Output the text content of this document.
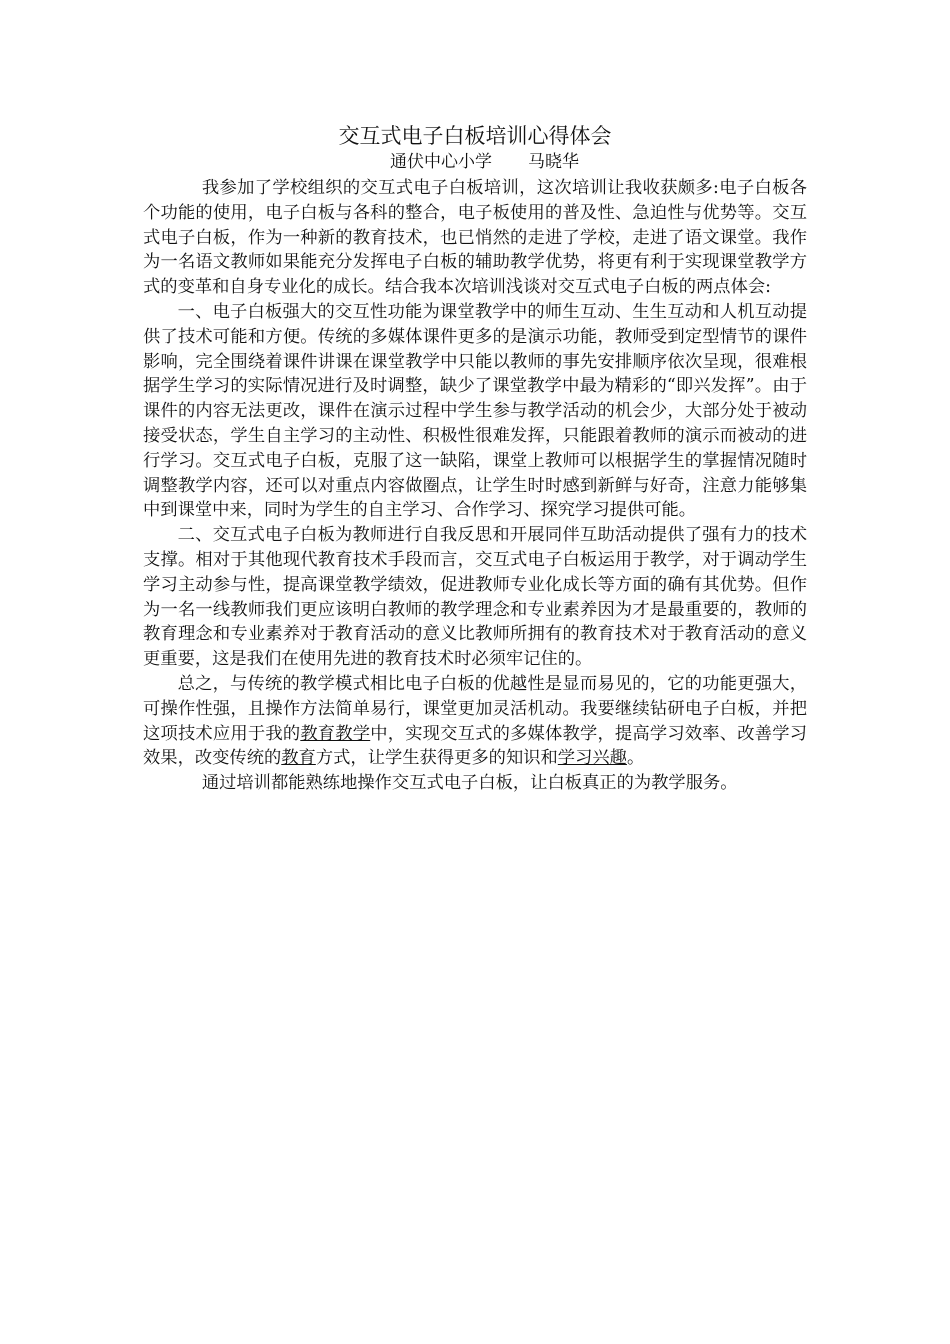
交互式电子白板培训心得体会
通伏中心小学 马晓华

我参加了学校组织的交互式电子白板培训，这次培训让我收获颇多:电子白板各个功能的使用，电子白板与各科的整合，电子板使用的普及性、急迫性与优势等。交互式电子白板，作为一种新的教育技术，也已悄然的走进了学校，走进了语文课堂。我作为一名语文教师如果能充分发挥电子白板的辅助教学优势，将更有利于实现课堂教学方式的变革和自身专业化的成长。结合我本次培训浅谈对交互式电子白板的两点体会:

一、电子白板强大的交互性功能为课堂教学中的师生互动、生生互动和人机互动提供了技术可能和方便。传统的多媒体课件更多的是演示功能，教师受到定型情节的课件影响，完全围绕着课件讲课在课堂教学中只能以教师的事先安排顺序依次呈现，很难根据学生学习的实际情况进行及时调整，缺少了课堂教学中最为精彩的“即兴发挥”。由于课件的内容无法更改，课件在演示过程中学生参与教学活动的机会少，大部分处于被动接受状态，学生自主学习的主动性、积极性很难发挥，只能跟着教师的演示而被动的进行学习。交互式电子白板，克服了这一缺陷，课堂上教师可以根据学生的掌握情况随时调整教学内容，还可以对重点内容做圈点，让学生时时感到新鲜与好奇，注意力能够集中到课堂中来，同时为学生的自主学习、合作学习、探究学习提供可能。

二、交互式电子白板为教师进行自我反思和开展同伴互助活动提供了强有力的技术支撑。相对于其他现代教育技术手段而言，交互式电子白板运用于教学，对于调动学生学习主动参与性，提高课堂教学绩效，促进教师专业化成长等方面的确有其优势。但作为一名一线教师我们更应该明白教师的教学理念和专业素养因为才是最重要的，教师的教育理念和专业素养对于教育活动的意义比教师所拥有的教育技术对于教育活动的意义更重要，这是我们在使用先进的教育技术时必须牢记住的。

总之，与传统的教学模式相比电子白板的优越性是显而易见的，它的功能更强大，可操作性强，且操作方法简单易行，课堂更加灵活机动。我要继续钻研电子白板，并把这项技术应用于我的教育教学中，实现交互式的多媒体教学，提高学习效率、改善学习效果，改变传统的教育方式，让学生获得更多的知识和学习兴趣。

通过培训都能熟练地操作交互式电子白板，让白板真正的为教学服务。
